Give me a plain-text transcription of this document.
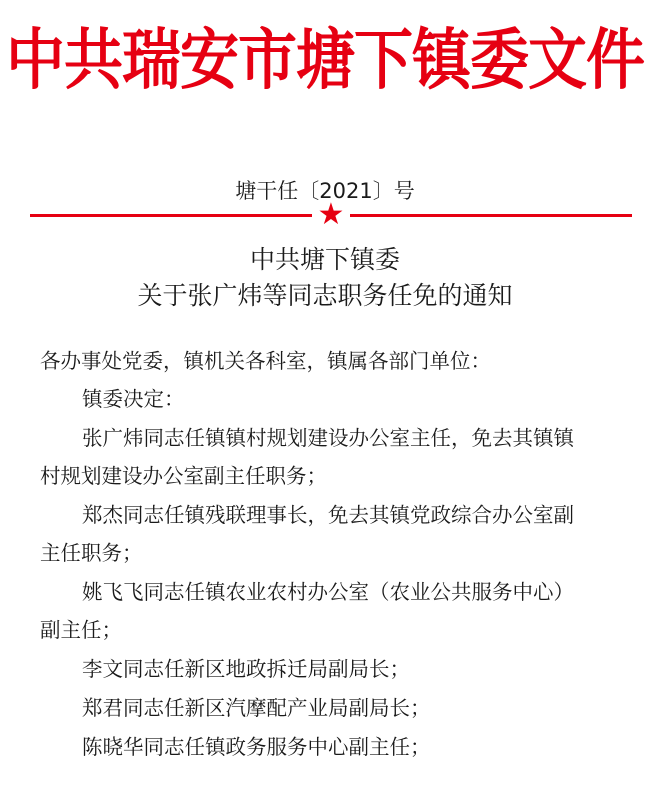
中共瑞安市塘下镇委文件
塘干任〔2021〕号
★
中共塘下镇委
关于张广炜等同志职务任免的通知
各办事处党委，镇机关各科室，镇属各部门单位：
镇委决定：
张广炜同志任镇镇村规划建设办公室主任，免去其镇镇
村规划建设办公室副主任职务；
郑杰同志任镇残联理事长，免去其镇党政综合办公室副
主任职务；
姚飞飞同志任镇农业农村办公室（农业公共服务中心）
副主任；
李文同志任新区地政拆迁局副局长；
郑君同志任新区汽摩配产业局副局长；
陈晓华同志任镇政务服务中心副主任；
